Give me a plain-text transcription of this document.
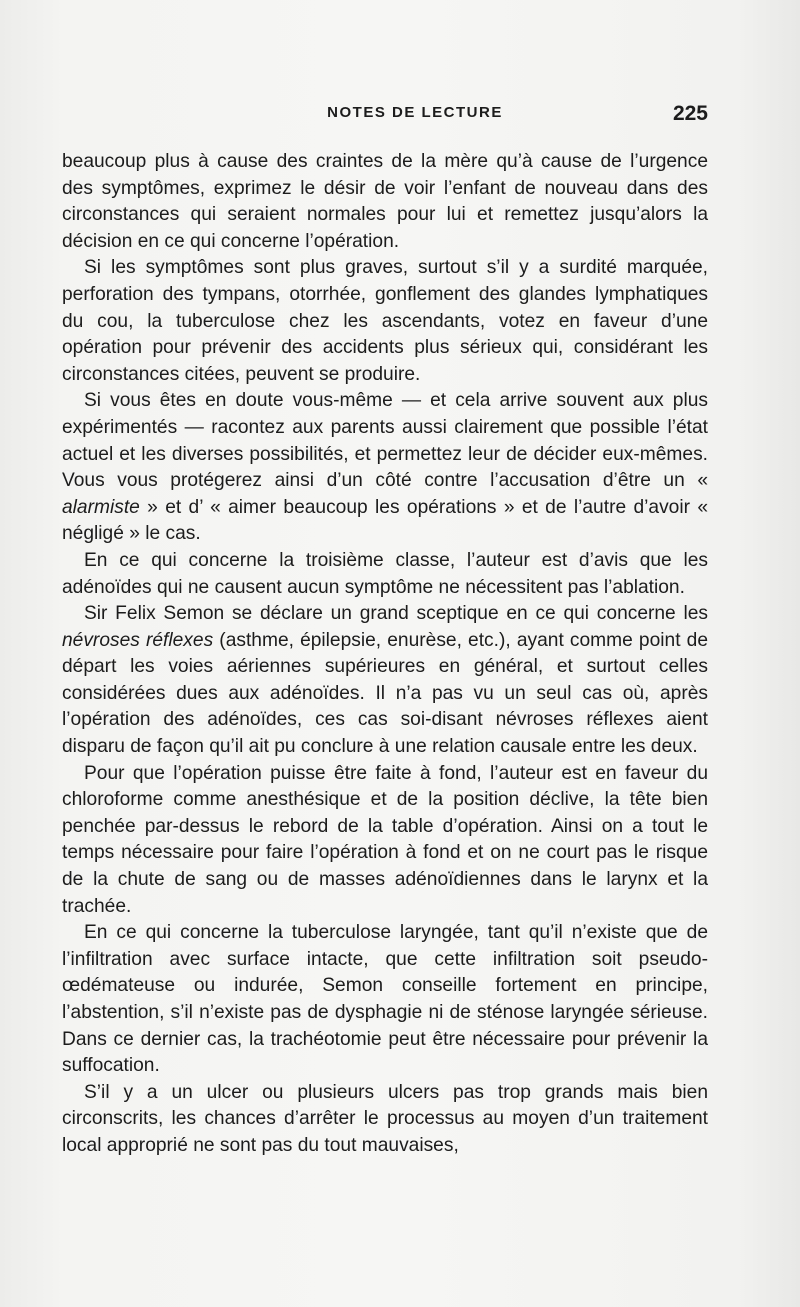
NOTES DE LECTURE	225

beaucoup plus à cause des craintes de la mère qu’à cause de l’urgence des symptômes, exprimez le désir de voir l’enfant de nouveau dans des circonstances qui seraient normales pour lui et remettez jusqu’alors la décision en ce qui concerne l’opération.

Si les symptômes sont plus graves, surtout s’il y a surdité marquée, perforation des tympans, otorrhée, gonflement des glandes lymphatiques du cou, la tuberculose chez les ascendants, votez en faveur d’une opération pour prévenir des accidents plus sérieux qui, considérant les circonstances citées, peuvent se produire.

Si vous êtes en doute vous-même — et cela arrive souvent aux plus expérimentés — racontez aux parents aussi clairement que possible l’état actuel et les diverses possibilités, et permettez leur de décider eux-mêmes. Vous vous protégerez ainsi d’un côté contre l’accusation d’être un « alarmiste » et d’ « aimer beaucoup les opérations » et de l’autre d’avoir « négligé » le cas.

En ce qui concerne la troisième classe, l’auteur est d’avis que les adénoïdes qui ne causent aucun symptôme ne nécessitent pas l’ablation.

Sir Felix Semon se déclare un grand sceptique en ce qui concerne les névroses réflexes (asthme, épilepsie, enurèse, etc.), ayant comme point de départ les voies aériennes supérieures en général, et surtout celles considérées dues aux adénoïdes. Il n’a pas vu un seul cas où, après l’opération des adénoïdes, ces cas soi-disant névroses réflexes aient disparu de façon qu’il ait pu conclure à une relation causale entre les deux.

Pour que l’opération puisse être faite à fond, l’auteur est en faveur du chloroforme comme anesthésique et de la position déclive, la tête bien penchée par-dessus le rebord de la table d’opération. Ainsi on a tout le temps nécessaire pour faire l’opération à fond et on ne court pas le risque de la chute de sang ou de masses adénoïdiennes dans le larynx et la trachée.

En ce qui concerne la tuberculose laryngée, tant qu’il n’existe que de l’infiltration avec surface intacte, que cette infiltration soit pseudo-œdémateuse ou indurée, Semon conseille fortement en principe, l’abstention, s’il n’existe pas de dysphagie ni de sténose laryngée sérieuse. Dans ce dernier cas, la trachéotomie peut être nécessaire pour prévenir la suffocation.

S’il y a un ulcer ou plusieurs ulcers pas trop grands mais bien circonscrits, les chances d’arrêter le processus au moyen d’un traitement local approprié ne sont pas du tout mauvaises,
